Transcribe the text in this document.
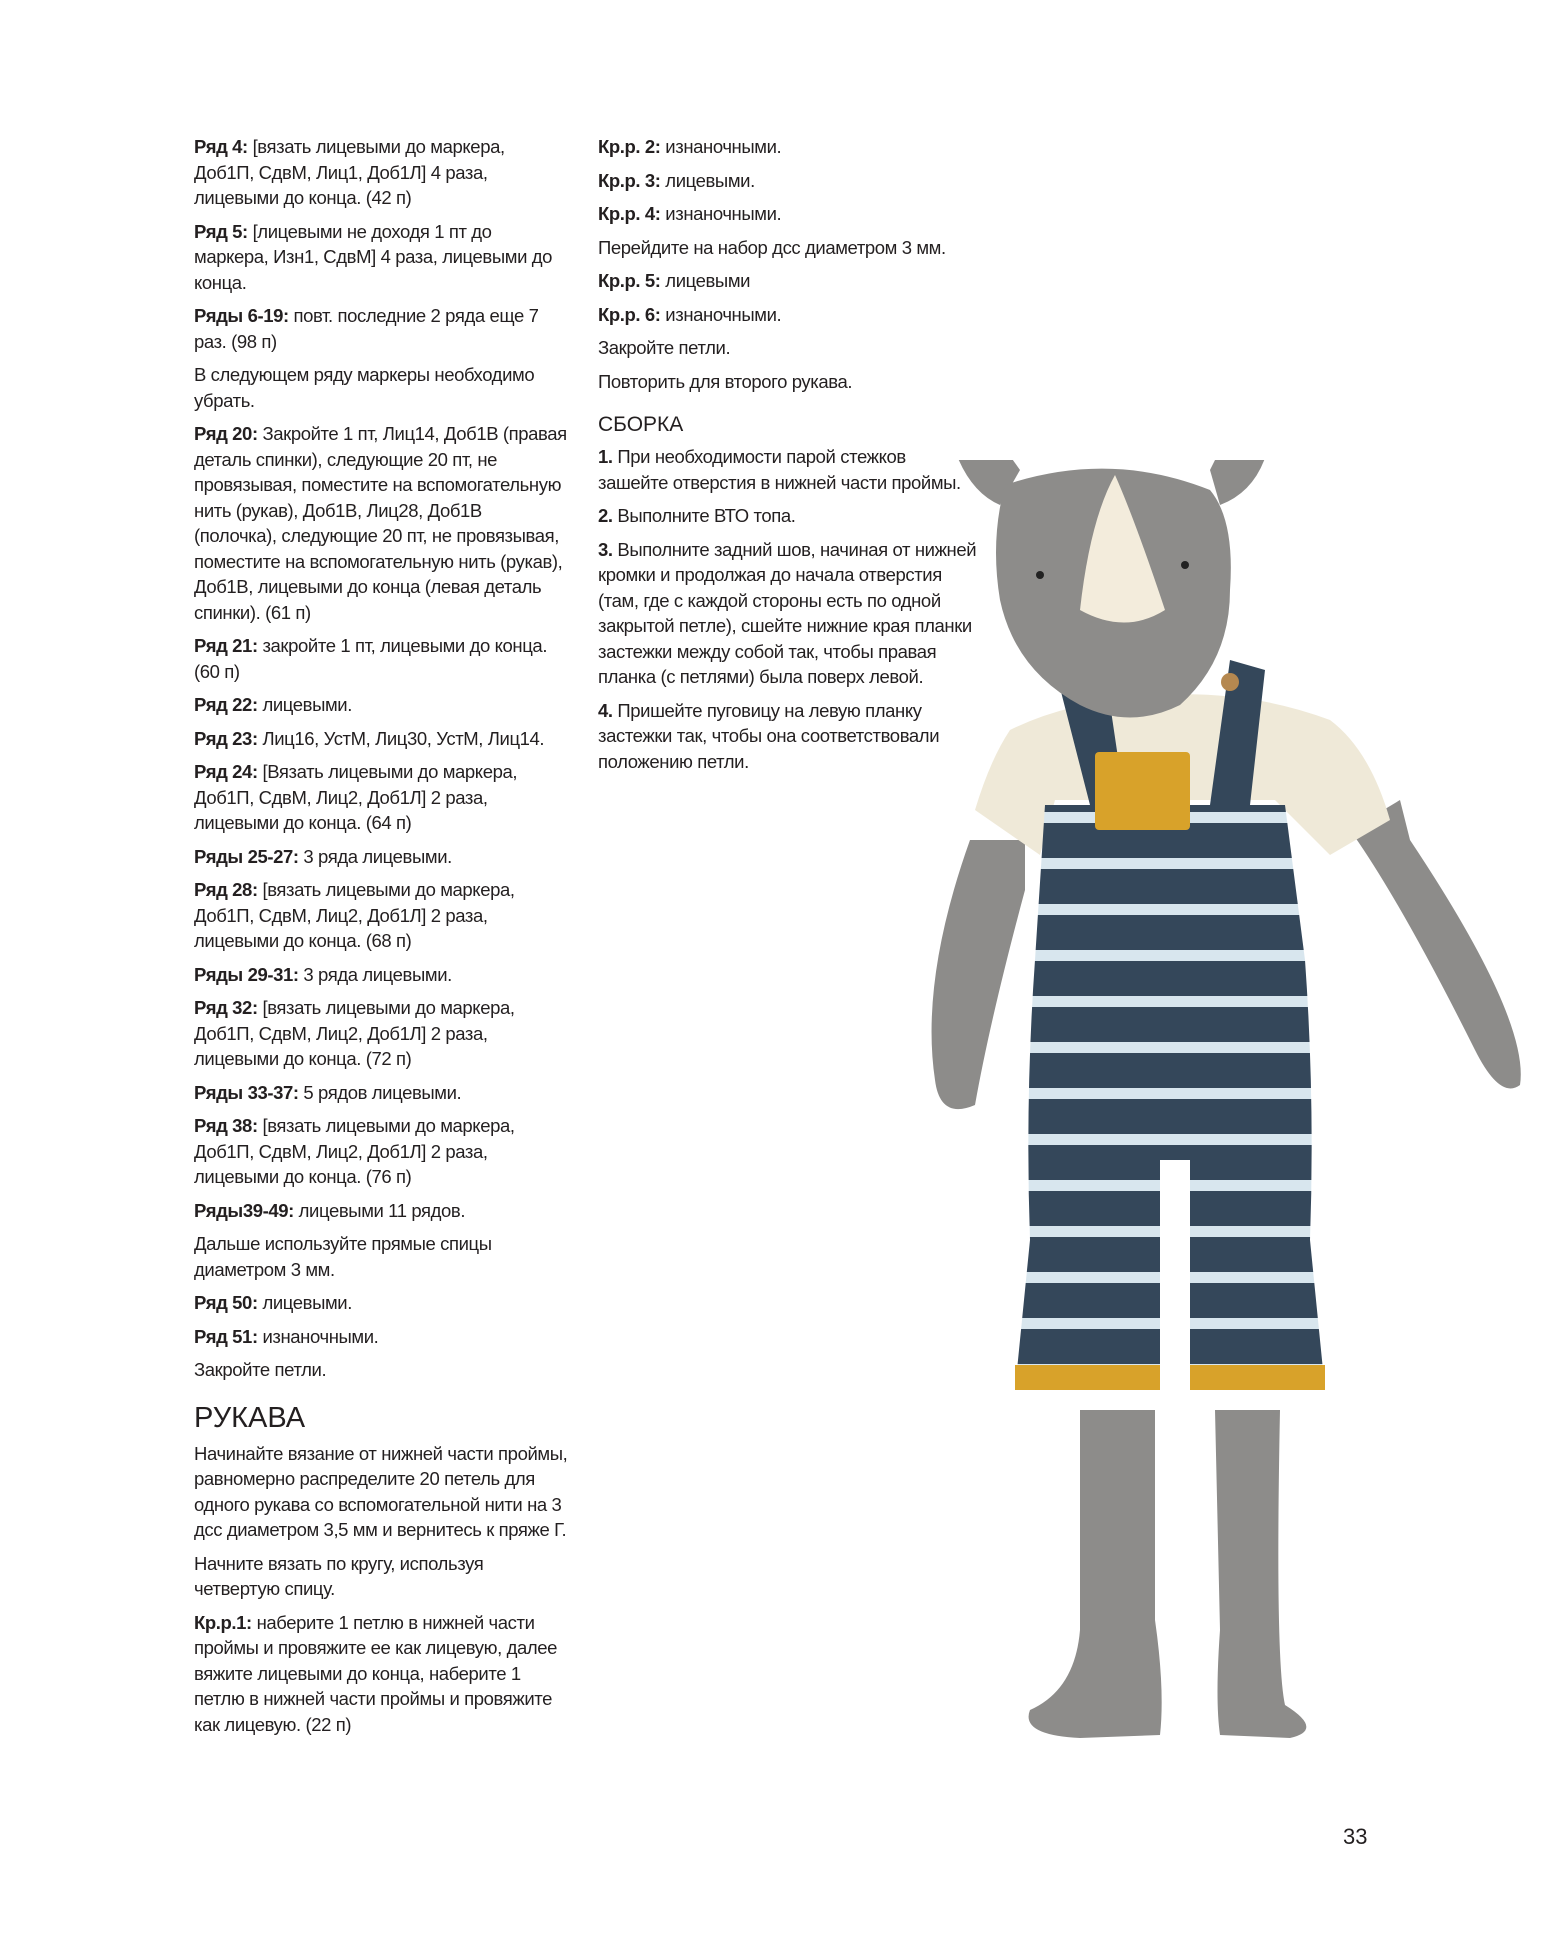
Ряд 4: [вязать лицевыми до маркера, Доб1П, СдвМ, Лиц1, Доб1Л] 4 раза, лицевыми до конца. (42 п)
Ряд 5: [лицевыми не доходя 1 пт до маркера, Изн1, СдвМ] 4 раза, лицевыми до конца.
Ряды 6-19: повт. последние 2 ряда еще 7 раз. (98 п)
В следующем ряду маркеры необходимо убрать.
Ряд 20: Закройте 1 пт, Лиц14, Доб1В (правая деталь спинки), следующие 20 пт, не провязывая, поместите на вспомогательную нить (рукав), Доб1В, Лиц28, Доб1В (полочка), следующие 20 пт, не провязывая, поместите на вспомогательную нить (рукав), Доб1В, лицевыми до конца (левая деталь спинки). (61 п)
Ряд 21: закройте 1 пт, лицевыми до конца. (60 п)
Ряд 22: лицевыми.
Ряд 23: Лиц16, УстМ, Лиц30, УстМ, Лиц14.
Ряд 24: [Вязать лицевыми до маркера, Доб1П, СдвМ, Лиц2, Доб1Л] 2 раза, лицевыми до конца. (64 п)
Ряды 25-27: 3 ряда лицевыми.
Ряд 28: [вязать лицевыми до маркера, Доб1П, СдвМ, Лиц2, Доб1Л] 2 раза, лицевыми до конца. (68 п)
Ряды 29-31: 3 ряда лицевыми.
Ряд 32: [вязать лицевыми до маркера, Доб1П, СдвМ, Лиц2, Доб1Л] 2 раза, лицевыми до конца. (72 п)
Ряды 33-37: 5 рядов лицевыми.
Ряд 38: [вязать лицевыми до маркера, Доб1П, СдвМ, Лиц2, Доб1Л] 2 раза, лицевыми до конца. (76 п)
Ряды39-49: лицевыми 11 рядов.
Дальше используйте прямые спицы диаметром 3 мм.
Ряд 50: лицевыми.
Ряд 51: изнаночными.
Закройте петли.
РУКАВА
Начинайте вязание от нижней части проймы, равномерно распределите 20 петель для одного рукава со вспомогательной нити на 3 дсс диаметром 3,5 мм и вернитесь к пряже Г.
Начните вязать по кругу, используя четвертую спицу.
Кр.р.1: наберите 1 петлю в нижней части проймы и провяжите ее как лицевую, далее вяжите лицевыми до конца, наберите 1 петлю в нижней части проймы и провяжите как лицевую. (22 п)
Кр.р. 2: изнаночными.
Кр.р. 3: лицевыми.
Кр.р. 4: изнаночными.
Перейдите на набор дсс диаметром 3 мм.
Кр.р. 5: лицевыми
Кр.р. 6: изнаночными.
Закройте петли.
Повторить для второго рукава.
СБОРКА
1. При необходимости парой стежков зашейте отверстия в нижней части проймы.
2. Выполните ВТО топа.
3. Выполните задний шов, начиная от нижней кромки и продолжая до начала отверстия (там, где с каждой стороны есть по одной закрытой петле), сшейте нижние края планки застежки между собой так, чтобы правая планка (с петлями) была поверх левой.
4. Пришейте пуговицу на левую планку застежки так, чтобы она соответствовали положению петли.
33
